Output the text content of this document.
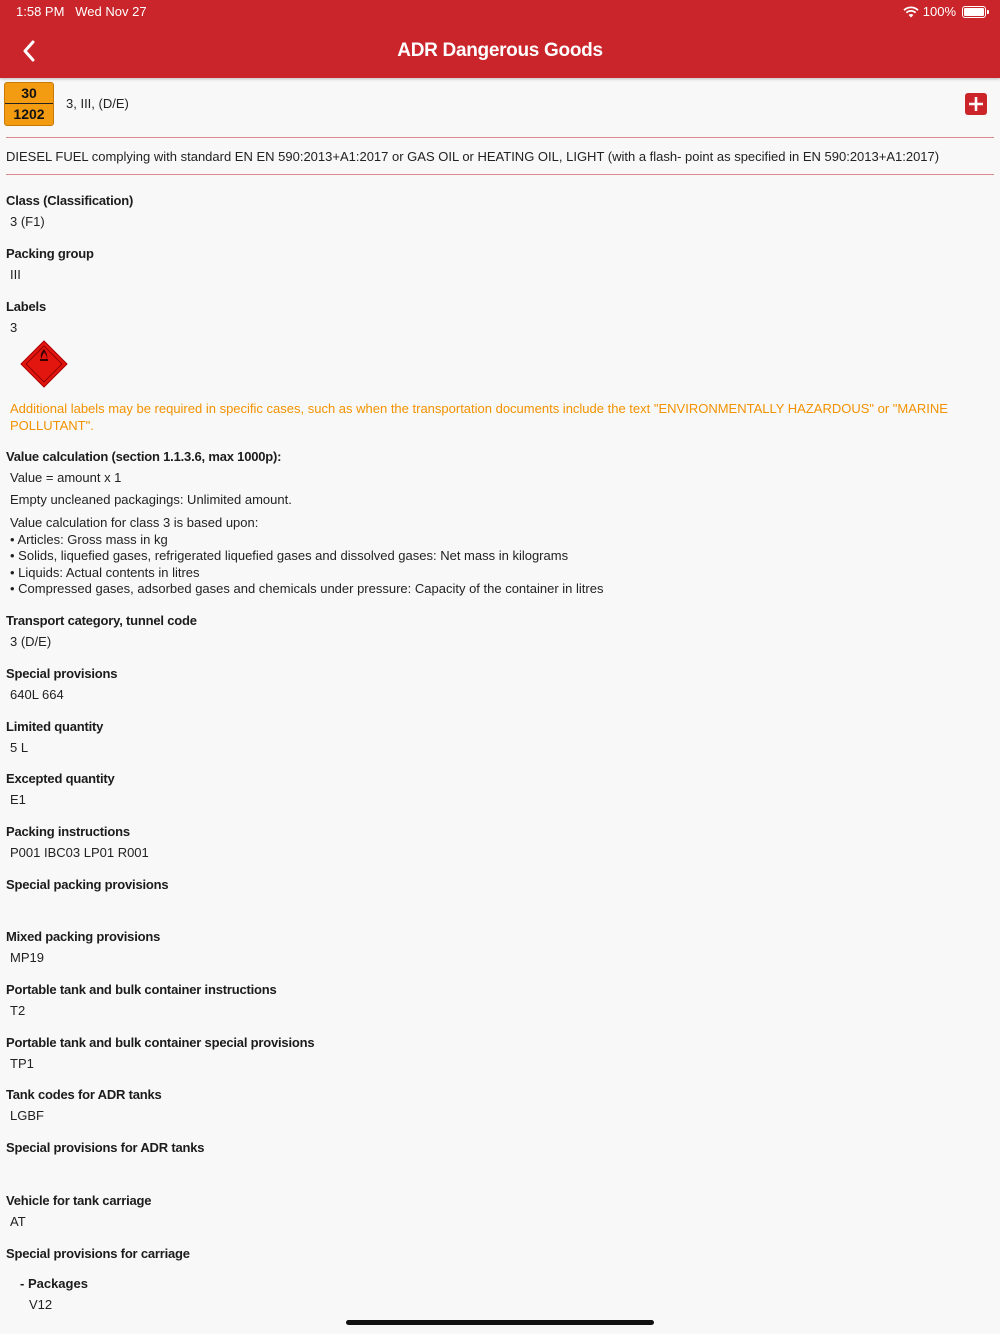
1:58 PM Wed Nov 27	100%
ADR Dangerous Goods
30
1202
3, III, (D/E)
DIESEL FUEL complying with standard EN EN 590:2013+A1:2017 or GAS OIL or HEATING OIL, LIGHT (with a flash- point as specified in EN 590:2013+A1:2017)
Class (Classification)
3 (F1)
Packing group
III
Labels
3
Additional labels may be required in specific cases, such as when the transportation documents include the text "ENVIRONMENTALLY HAZARDOUS" or "MARINE POLLUTANT".
Value calculation (section 1.1.3.6, max 1000p):
Value = amount x 1
Empty uncleaned packagings: Unlimited amount.
Value calculation for class 3 is based upon:
• Articles: Gross mass in kg
• Solids, liquefied gases, refrigerated liquefied gases and dissolved gases: Net mass in kilograms
• Liquids: Actual contents in litres
• Compressed gases, adsorbed gases and chemicals under pressure: Capacity of the container in litres
Transport category, tunnel code
3 (D/E)
Special provisions
640L 664
Limited quantity
5 L
Excepted quantity
E1
Packing instructions
P001 IBC03 LP01 R001
Special packing provisions
Mixed packing provisions
MP19
Portable tank and bulk container instructions
T2
Portable tank and bulk container special provisions
TP1
Tank codes for ADR tanks
LGBF
Special provisions for ADR tanks
Vehicle for tank carriage
AT
Special provisions for carriage
- Packages
V12
